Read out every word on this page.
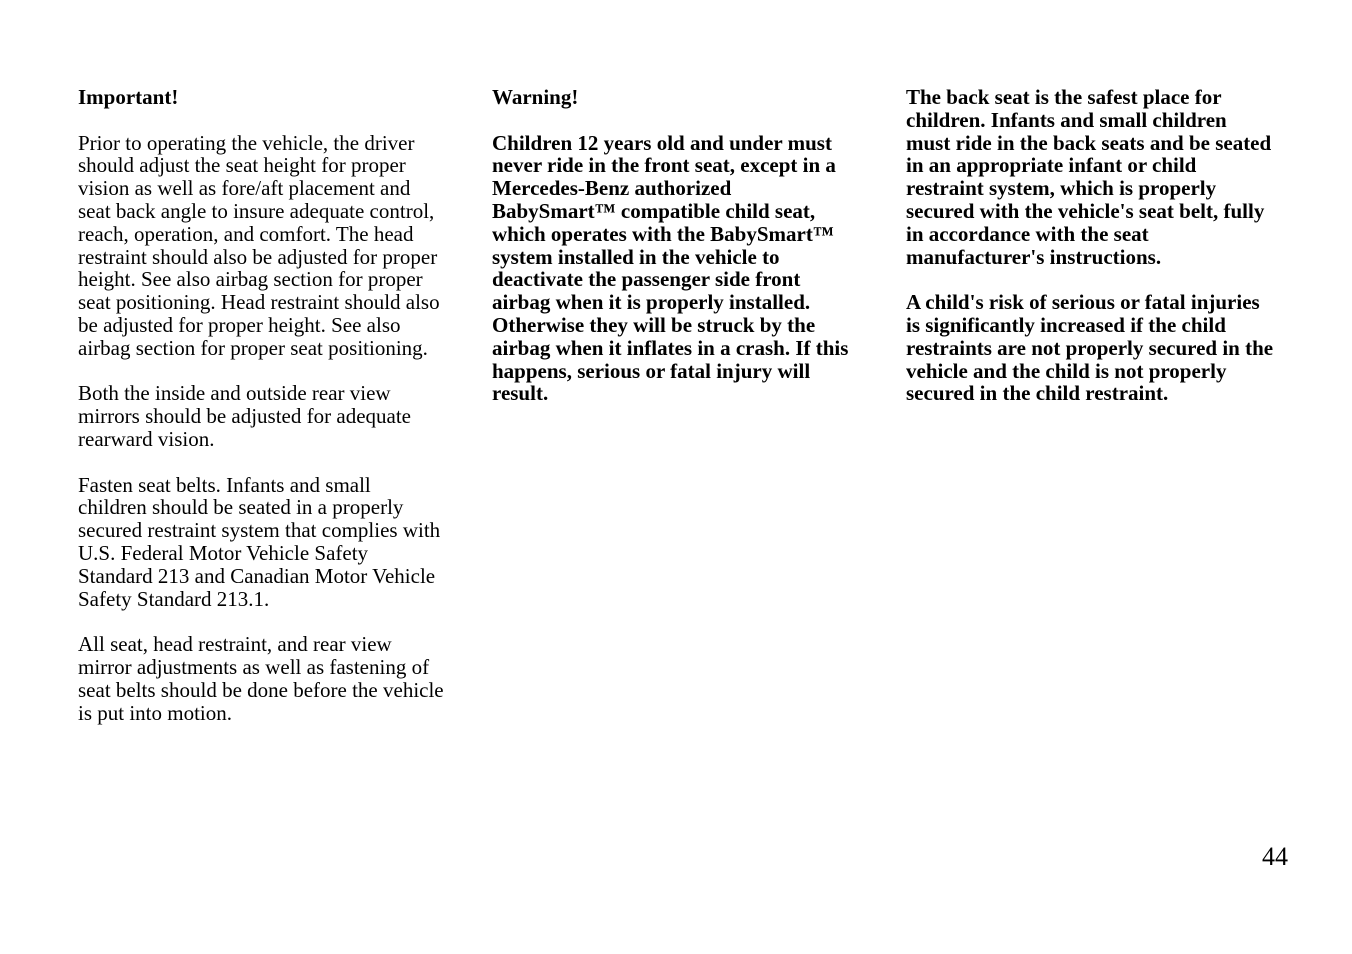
Important!

Prior to operating the vehicle, the driver should adjust the seat height for proper vision as well as fore/aft placement and seat back angle to insure adequate control, reach, operation, and comfort. The head restraint should also be adjusted for proper height. See also airbag section for proper seat positioning. Head restraint should also be adjusted for proper height. See also airbag section for proper seat positioning.

Both the inside and outside rear view mirrors should be adjusted for adequate rearward vision.

Fasten seat belts. Infants and small children should be seated in a properly secured restraint system that complies with U.S. Federal Motor Vehicle Safety Standard 213 and Canadian Motor Vehicle Safety Standard 213.1.

All seat, head restraint, and rear view mirror adjustments as well as fastening of seat belts should be done before the vehicle is put into motion.

Warning!

Children 12 years old and under must never ride in the front seat, except in a Mercedes-Benz authorized BabySmart™ compatible child seat, which operates with the BabySmart™ system installed in the vehicle to deactivate the passenger side front airbag when it is properly installed. Otherwise they will be struck by the airbag when it inflates in a crash. If this happens, serious or fatal injury will result.

The back seat is the safest place for children. Infants and small children must ride in the back seats and be seated in an appropriate infant or child restraint system, which is properly secured with the vehicle's seat belt, fully in accordance with the seat manufacturer's instructions.

A child's risk of serious or fatal injuries is significantly increased if the child restraints are not properly secured in the vehicle and the child is not properly secured in the child restraint.

44
